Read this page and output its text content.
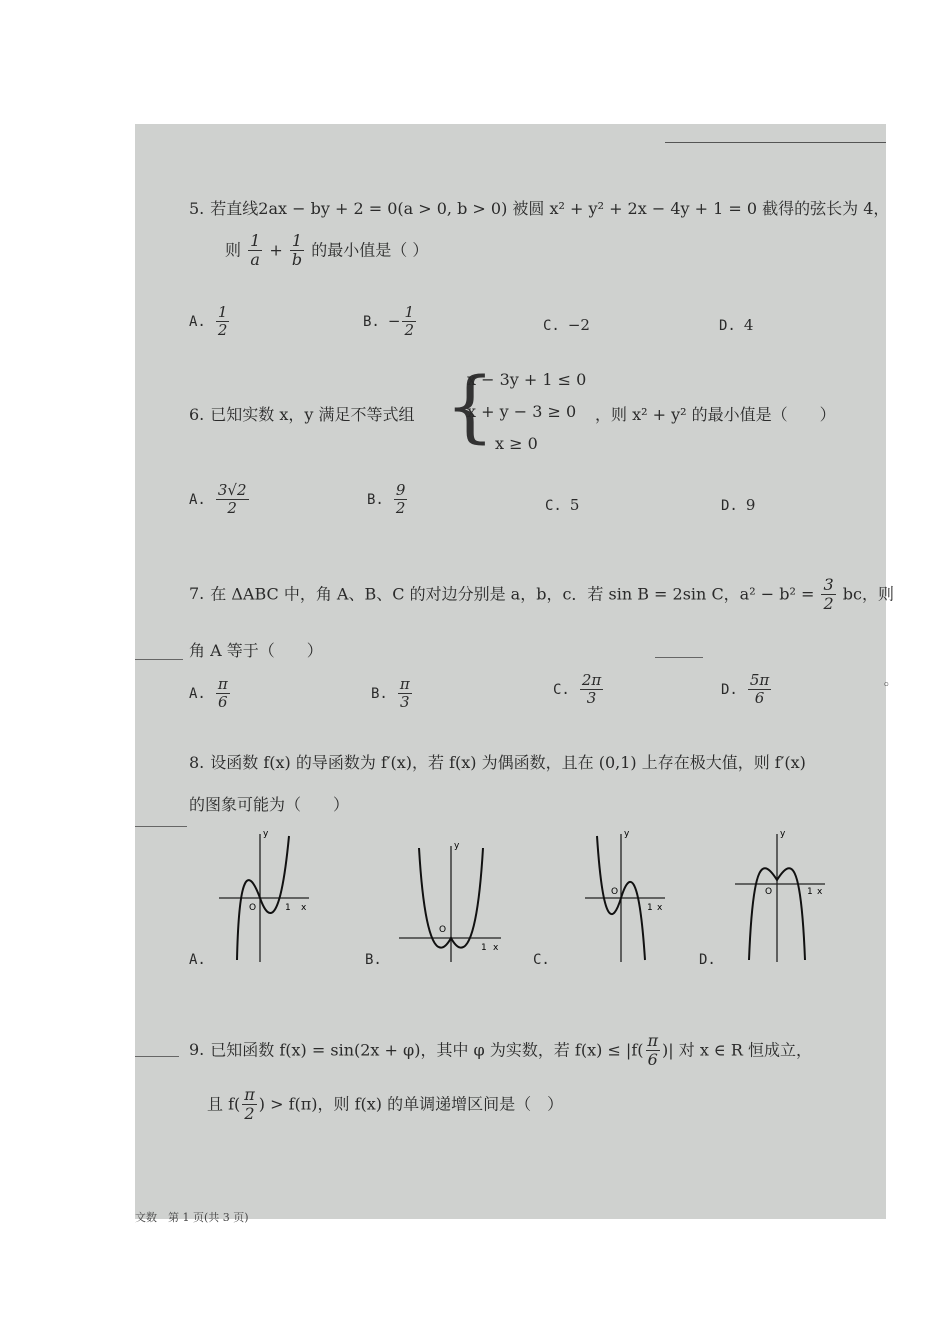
5. 若直线2ax − by + 2 = 0(a > 0, b > 0) 被圆 x² + y² + 2x − 4y + 1 = 0 截得的弦长为 4，
则 $\frac{1}{a} + \frac{1}{b}$ 的最小值是（ ）
A. $\frac{1}{2}$	B. − $\frac{1}{2}$	C. −2	D. 4
6. 已知实数 x，y 满足不等式组 {
x − 3y + 1 ≤ 0
x + y − 3 ≥ 0
x ≥ 0
，则 x² + y² 的最小值是（　　）
A. $\frac{3√2}{2}$	B. $\frac{9}{2}$	C. 5	D. 9
7. 在 ΔABC 中，角 A、B、C 的对边分别是 a，b，c．若 sin B = 2sin C，$a^2 - b^2 = \frac{3}{2}$ bc，则
角 A 等于（　　）
A. $\frac{\pi}{6}$	B. $\frac{\pi}{3}$	C. $\frac{2\pi}{3}$	D. $\frac{5\pi}{6}$	◦
8. 设函数 f(x) 的导函数为 f′(x)，若 f(x) 为偶函数，且在 (0,1) 上存在极大值，则 f′(x)
的图象可能为（　　）
O	1 x
y
A.
O
1 x
y
B.
O
1 x
y
C.
O	1 x
y
D.
9. 已知函数 f(x) = sin(2x + φ)，其中 φ 为实数，若 $f(x) \le |f( \frac{\pi}{6}$ )| 对 x ∈ R 恒成立，
且 $f( \frac{\pi}{2}$ ) > f(π)，则 f(x) 的单调递增区间是（　）
文数　第 1 页(共 3 页)
